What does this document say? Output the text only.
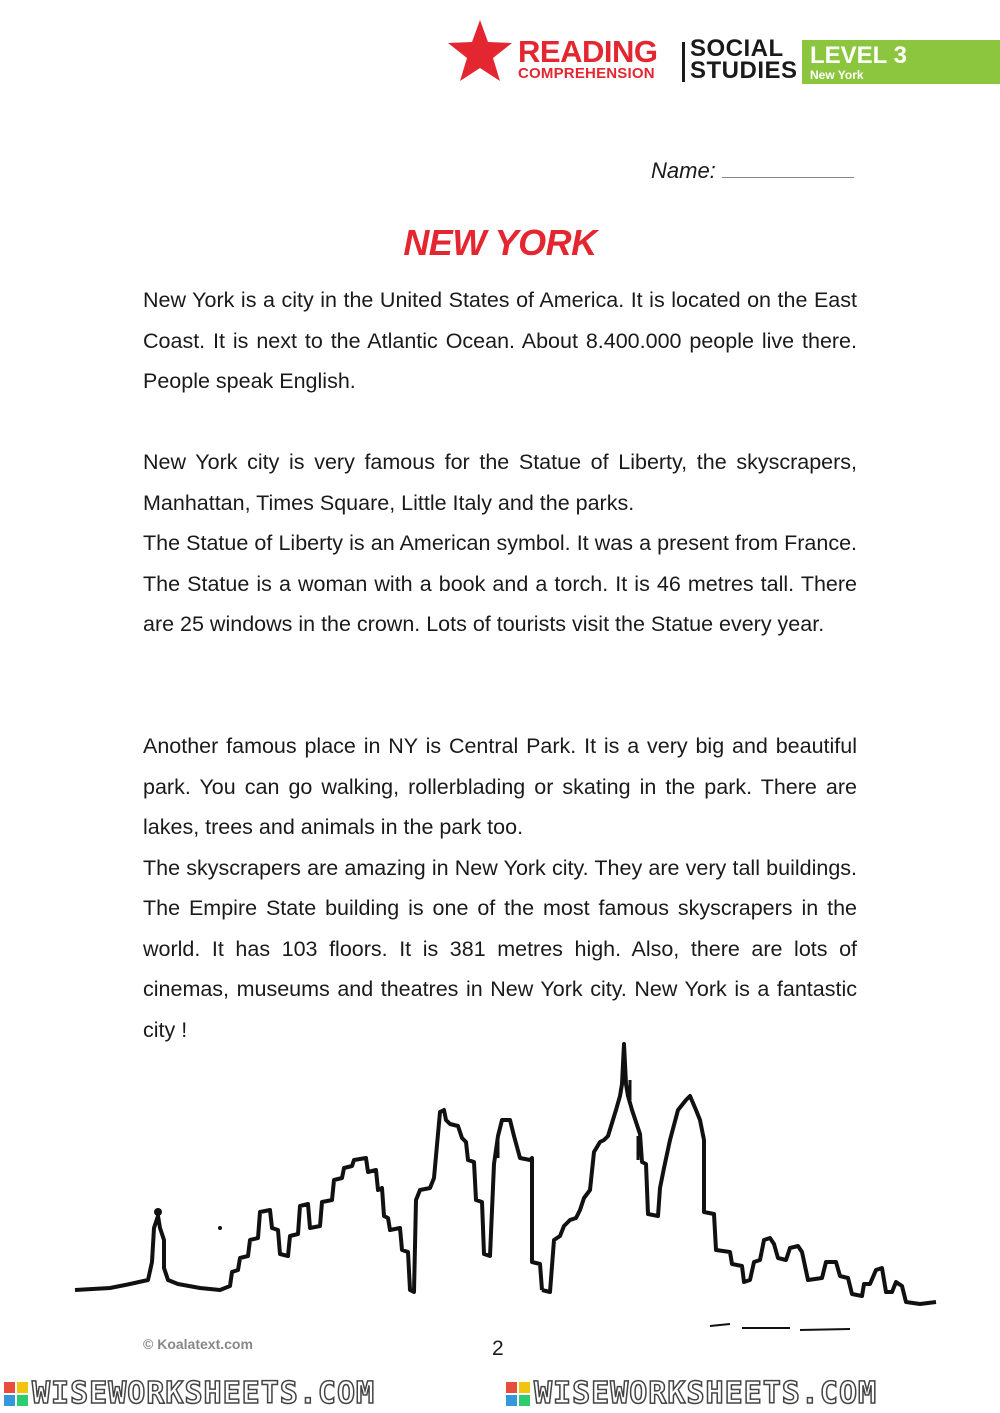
READING
COMPREHENSION
SOCIAL
STUDIES
LEVEL 3
New York
Name:
NEW YORK

New York is a city in the United States of America. It is located on the East Coast. It is next to the Atlantic Ocean. About 8.400.000 people live there. People speak English.

New York city is very famous for the Statue of Liberty, the skyscrapers, Manhattan, Times Square, Little Italy and the parks.

The Statue of Liberty is an American symbol. It was a present from France. The Statue is a woman with a book and a torch. It is 46 metres tall. There are 25 windows in the crown. Lots of tourists visit the Statue every year.

Another famous place in NY is Central Park. It is a very big and beautiful park. You can go walking, rollerblading or skating in the park. There are lakes, trees and animals in the park too.

The skyscrapers are amazing in New York city. They are very tall buildings. The Empire State building is one of the most famous skyscrapers in the world. It has 103 floors. It is 381 metres high. Also, there are lots of cinemas, museums and theatres in New York city. New York is a fantastic city !

© Koalatext.com	2
WISEWORKSHEETS.COM	WISEWORKSHEETS.COM
